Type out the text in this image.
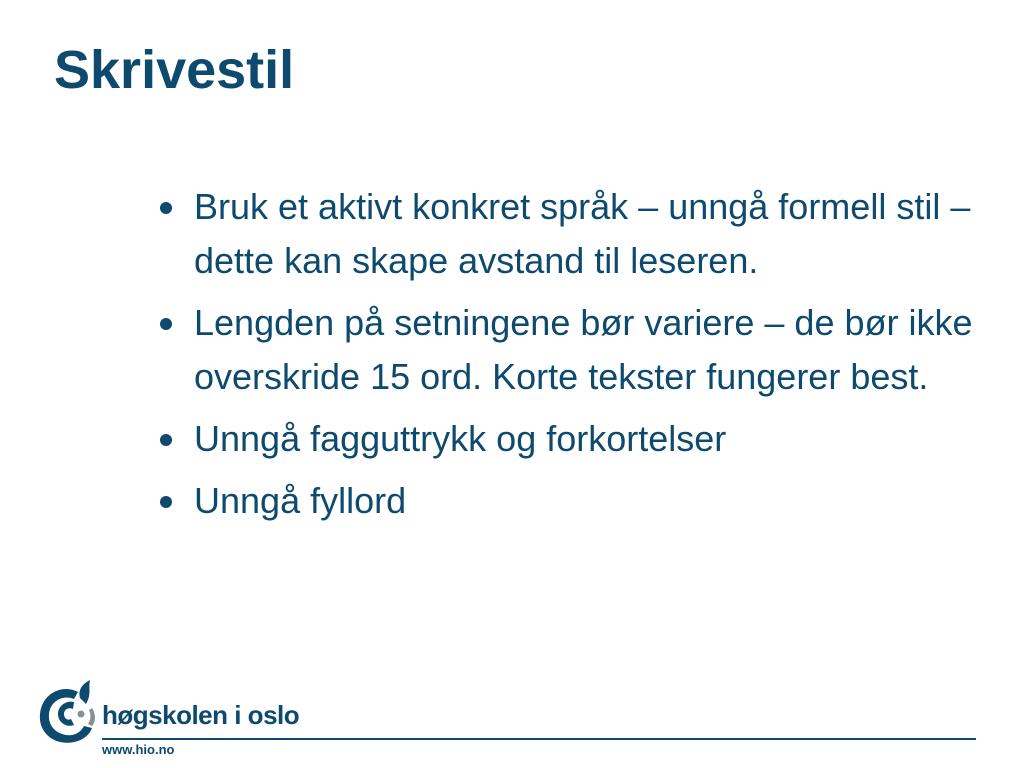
Skrivestil
Bruk et aktivt konkret språk – unngå formell stil – dette kan skape avstand til leseren.
Lengden på setningene bør variere – de bør ikke overskride 15 ord. Korte tekster fungerer best.
Unngå fagguttrykk og forkortelser
Unngå fyllord
høgskolen i oslo
www.hio.no
